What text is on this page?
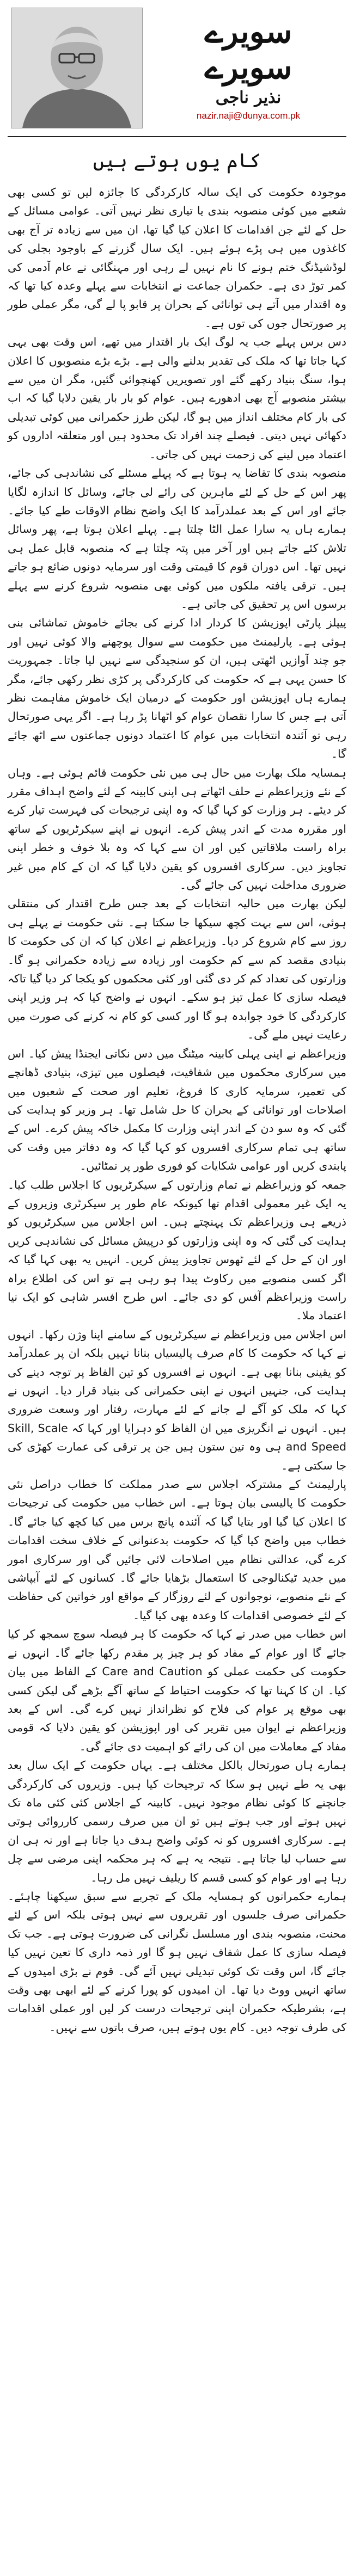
سویرے
سویرے
نذیر ناجی
nazir.naji@dunya.com.pk
کام یوں ہوتے ہیں

موجودہ حکومت کی ایک سالہ کارکردگی کا جائزہ لیں تو کسی بھی شعبے میں کوئی منصوبہ بندی یا تیاری نظر نہیں آتی۔ عوامی مسائل کے حل کے لئے جن اقدامات کا اعلان کیا گیا تھا، ان میں سے زیادہ تر آج بھی کاغذوں میں ہی پڑے ہوئے ہیں۔ ایک سال گزرنے کے باوجود بجلی کی لوڈشیڈنگ ختم ہونے کا نام نہیں لے رہی اور مہنگائی نے عام آدمی کی کمر توڑ دی ہے۔ حکمران جماعت نے انتخابات سے پہلے وعدہ کیا تھا کہ وہ اقتدار میں آتے ہی توانائی کے بحران پر قابو پا لے گی، مگر عملی طور پر صورتحال جوں کی توں ہے۔

دس برس پہلے جب یہ لوگ ایک بار اقتدار میں تھے، اس وقت بھی یہی کہا جاتا تھا کہ ملک کی تقدیر بدلنے والی ہے۔ بڑے بڑے منصوبوں کا اعلان ہوا، سنگ بنیاد رکھے گئے اور تصویریں کھنچوائی گئیں، مگر ان میں سے بیشتر منصوبے آج بھی ادھورے ہیں۔ عوام کو بار بار یقین دلایا گیا کہ اب کی بار کام مختلف انداز میں ہو گا، لیکن طرز حکمرانی میں کوئی تبدیلی دکھائی نہیں دیتی۔ فیصلے چند افراد تک محدود ہیں اور متعلقہ اداروں کو اعتماد میں لینے کی زحمت نہیں کی جاتی۔

منصوبہ بندی کا تقاضا یہ ہوتا ہے کہ پہلے مسئلے کی نشاندہی کی جائے، پھر اس کے حل کے لئے ماہرین کی رائے لی جائے، وسائل کا اندازہ لگایا جائے اور اس کے بعد عملدرآمد کا ایک واضح نظام الاوقات طے کیا جائے۔ ہمارے ہاں یہ سارا عمل الٹا چلتا ہے۔ پہلے اعلان ہوتا ہے، پھر وسائل تلاش کئے جاتے ہیں اور آخر میں پتہ چلتا ہے کہ منصوبہ قابل عمل ہی نہیں تھا۔ اس دوران قوم کا قیمتی وقت اور سرمایہ دونوں ضائع ہو جاتے ہیں۔ ترقی یافتہ ملکوں میں کوئی بھی منصوبہ شروع کرنے سے پہلے برسوں اس پر تحقیق کی جاتی ہے۔

پیپلز پارٹی اپوزیشن کا کردار ادا کرنے کی بجائے خاموش تماشائی بنی ہوئی ہے۔ پارلیمنٹ میں حکومت سے سوال پوچھنے والا کوئی نہیں اور جو چند آوازیں اٹھتی ہیں، ان کو سنجیدگی سے نہیں لیا جاتا۔ جمہوریت کا حسن یہی ہے کہ حکومت کی کارکردگی پر کڑی نظر رکھی جائے، مگر ہمارے ہاں اپوزیشن اور حکومت کے درمیان ایک خاموش مفاہمت نظر آتی ہے جس کا سارا نقصان عوام کو اٹھانا پڑ رہا ہے۔ اگر یہی صورتحال رہی تو آئندہ انتخابات میں عوام کا اعتماد دونوں جماعتوں سے اٹھ جائے گا۔

ہمسایہ ملک بھارت میں حال ہی میں نئی حکومت قائم ہوئی ہے۔ وہاں کے نئے وزیراعظم نے حلف اٹھاتے ہی اپنی کابینہ کے لئے واضح اہداف مقرر کر دیئے۔ ہر وزارت کو کہا گیا کہ وہ اپنی ترجیحات کی فہرست تیار کرے اور مقررہ مدت کے اندر پیش کرے۔ انہوں نے اپنے سیکرٹریوں کے ساتھ براہ راست ملاقاتیں کیں اور ان سے کہا کہ وہ بلا خوف و خطر اپنی تجاویز دیں۔ سرکاری افسروں کو یقین دلایا گیا کہ ان کے کام میں غیر ضروری مداخلت نہیں کی جائے گی۔

لیکن بھارت میں حالیہ انتخابات کے بعد جس طرح اقتدار کی منتقلی ہوئی، اس سے بہت کچھ سیکھا جا سکتا ہے۔ نئی حکومت نے پہلے ہی روز سے کام شروع کر دیا۔ وزیراعظم نے اعلان کیا کہ ان کی حکومت کا بنیادی مقصد کم سے کم حکومت اور زیادہ سے زیادہ حکمرانی ہو گا۔ وزارتوں کی تعداد کم کر دی گئی اور کئی محکموں کو یکجا کر دیا گیا تاکہ فیصلہ سازی کا عمل تیز ہو سکے۔ انہوں نے واضح کیا کہ ہر وزیر اپنی کارکردگی کا خود جوابدہ ہو گا اور کسی کو کام نہ کرنے کی صورت میں رعایت نہیں ملے گی۔

وزیراعظم نے اپنی پہلی کابینہ میٹنگ میں دس نکاتی ایجنڈا پیش کیا۔ اس میں سرکاری محکموں میں شفافیت، فیصلوں میں تیزی، بنیادی ڈھانچے کی تعمیر، سرمایہ کاری کا فروغ، تعلیم اور صحت کے شعبوں میں اصلاحات اور توانائی کے بحران کا حل شامل تھا۔ ہر وزیر کو ہدایت کی گئی کہ وہ سو دن کے اندر اپنی وزارت کا مکمل خاکہ پیش کرے۔ اس کے ساتھ ہی تمام سرکاری افسروں کو کہا گیا کہ وہ دفاتر میں وقت کی پابندی کریں اور عوامی شکایات کو فوری طور پر نمٹائیں۔

جمعہ کو وزیراعظم نے تمام وزارتوں کے سیکرٹریوں کا اجلاس طلب کیا۔ یہ ایک غیر معمولی اقدام تھا کیونکہ عام طور پر سیکرٹری وزیروں کے ذریعے ہی وزیراعظم تک پہنچتے ہیں۔ اس اجلاس میں سیکرٹریوں کو ہدایت کی گئی کہ وہ اپنی وزارتوں کو درپیش مسائل کی نشاندہی کریں اور ان کے حل کے لئے ٹھوس تجاویز پیش کریں۔ انہیں یہ بھی کہا گیا کہ اگر کسی منصوبے میں رکاوٹ پیدا ہو رہی ہے تو اس کی اطلاع براہ راست وزیراعظم آفس کو دی جائے۔ اس طرح افسر شاہی کو ایک نیا اعتماد ملا۔

اس اجلاس میں وزیراعظم نے سیکرٹریوں کے سامنے اپنا وژن رکھا۔ انہوں نے کہا کہ حکومت کا کام صرف پالیسیاں بنانا نہیں بلکہ ان پر عملدرآمد کو یقینی بنانا بھی ہے۔ انہوں نے افسروں کو تین الفاظ پر توجہ دینے کی ہدایت کی، جنہیں انہوں نے اپنی حکمرانی کی بنیاد قرار دیا۔ انہوں نے کہا کہ ملک کو آگے لے جانے کے لئے مہارت، رفتار اور وسعت ضروری ہیں۔ انہوں نے انگریزی میں ان الفاظ کو دہرایا اور کہا کہ Skill, Scale and Speed ہی وہ تین ستون ہیں جن پر ترقی کی عمارت کھڑی کی جا سکتی ہے۔

پارلیمنٹ کے مشترکہ اجلاس سے صدر مملکت کا خطاب دراصل نئی حکومت کا پالیسی بیان ہوتا ہے۔ اس خطاب میں حکومت کی ترجیحات کا اعلان کیا گیا اور بتایا گیا کہ آئندہ پانچ برس میں کیا کچھ کیا جائے گا۔ خطاب میں واضح کیا گیا کہ حکومت بدعنوانی کے خلاف سخت اقدامات کرے گی، عدالتی نظام میں اصلاحات لائی جائیں گی اور سرکاری امور میں جدید ٹیکنالوجی کا استعمال بڑھایا جائے گا۔ کسانوں کے لئے آبپاشی کے نئے منصوبے، نوجوانوں کے لئے روزگار کے مواقع اور خواتین کی حفاظت کے لئے خصوصی اقدامات کا وعدہ بھی کیا گیا۔

اس خطاب میں صدر نے کہا کہ حکومت کا ہر فیصلہ سوچ سمجھ کر کیا جائے گا اور عوام کے مفاد کو ہر چیز پر مقدم رکھا جائے گا۔ انہوں نے حکومت کی حکمت عملی کو Care and Caution کے الفاظ میں بیان کیا۔ ان کا کہنا تھا کہ حکومت احتیاط کے ساتھ آگے بڑھے گی لیکن کسی بھی موقع پر عوام کی فلاح کو نظرانداز نہیں کرے گی۔ اس کے بعد وزیراعظم نے ایوان میں تقریر کی اور اپوزیشن کو یقین دلایا کہ قومی مفاد کے معاملات میں ان کی رائے کو اہمیت دی جائے گی۔

ہمارے ہاں صورتحال بالکل مختلف ہے۔ یہاں حکومت کے ایک سال بعد بھی یہ طے نہیں ہو سکا کہ ترجیحات کیا ہیں۔ وزیروں کی کارکردگی جانچنے کا کوئی نظام موجود نہیں۔ کابینہ کے اجلاس کئی کئی ماہ تک نہیں ہوتے اور جب ہوتے ہیں تو ان میں صرف رسمی کارروائی ہوتی ہے۔ سرکاری افسروں کو نہ کوئی واضح ہدف دیا جاتا ہے اور نہ ہی ان سے حساب لیا جاتا ہے۔ نتیجہ یہ ہے کہ ہر محکمہ اپنی مرضی سے چل رہا ہے اور عوام کو کسی قسم کا ریلیف نہیں مل رہا۔

ہمارے حکمرانوں کو ہمسایہ ملک کے تجربے سے سبق سیکھنا چاہئے۔ حکمرانی صرف جلسوں اور تقریروں سے نہیں ہوتی بلکہ اس کے لئے محنت، منصوبہ بندی اور مسلسل نگرانی کی ضرورت ہوتی ہے۔ جب تک فیصلہ سازی کا عمل شفاف نہیں ہو گا اور ذمہ داری کا تعین نہیں کیا جائے گا، اس وقت تک کوئی تبدیلی نہیں آئے گی۔ قوم نے بڑی امیدوں کے ساتھ انہیں ووٹ دیا تھا۔ ان امیدوں کو پورا کرنے کے لئے ابھی بھی وقت ہے، بشرطیکہ حکمران اپنی ترجیحات درست کر لیں اور عملی اقدامات کی طرف توجہ دیں۔ کام یوں ہوتے ہیں، صرف باتوں سے نہیں۔
